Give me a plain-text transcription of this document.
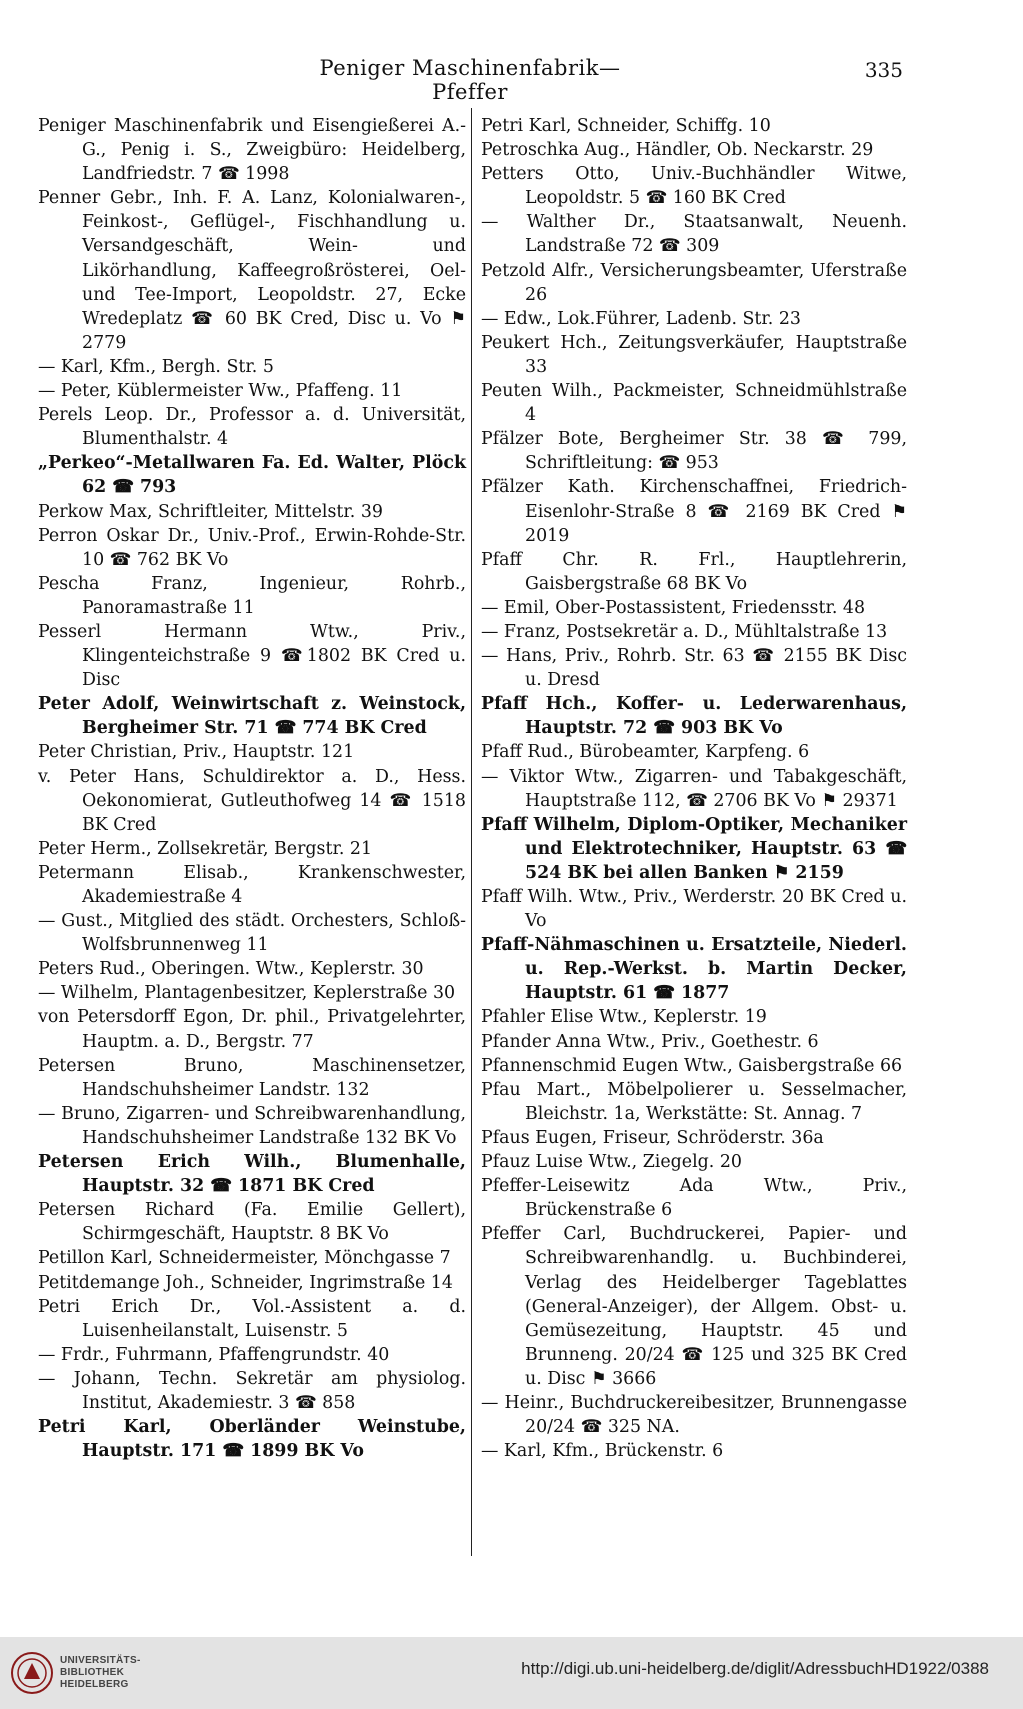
Peniger Maschinenfabrik—Pfeffer
335

Peniger Maschinenfabrik und Eisengießerei A.-G., Penig i. S., Zweigbüro: Heidelberg, Landfriedstr. 7 ☎ 1998

Penner Gebr., Inh. F. A. Lanz, Kolonialwaren-, Feinkost-, Geflügel-, Fischhandlung u. Versandgeschäft, Wein- und Likörhandlung, Kaffeegroßrösterei, Oel- und Tee-Import, Leopoldstr. 27, Ecke Wredeplatz ☎ 60 BK Cred, Disc u. Vo ⚑ 2779

— Karl, Kfm., Bergh. Str. 5

— Peter, Küblermeister Ww., Pfaffeng. 11

Perels Leop. Dr., Professor a. d. Universität, Blumenthalstr. 4

„Perkeo“-Metallwaren Fa. Ed. Walter, Plöck 62 ☎ 793

Perkow Max, Schriftleiter, Mittelstr. 39

Perron Oskar Dr., Univ.-Prof., Erwin-Rohde-Str. 10 ☎ 762 BK Vo

Pescha Franz, Ingenieur, Rohrb., Panoramastraße 11

Pesserl Hermann Wtw., Priv., Klingenteichstraße 9 ☎1802 BK Cred u. Disc

Peter Adolf, Weinwirtschaft z. Weinstock, Bergheimer Str. 71 ☎ 774 BK Cred

Peter Christian, Priv., Hauptstr. 121

v. Peter Hans, Schuldirektor a. D., Hess. Oekonomierat, Gutleuthofweg 14 ☎ 1518 BK Cred

Peter Herm., Zollsekretär, Bergstr. 21

Petermann Elisab., Krankenschwester, Akademiestraße 4

— Gust., Mitglied des städt. Orchesters, Schloß-Wolfsbrunnenweg 11

Peters Rud., Oberingen. Wtw., Keplerstr. 30

— Wilhelm, Plantagenbesitzer, Keplerstraße 30

von Petersdorff Egon, Dr. phil., Privatgelehrter, Hauptm. a. D., Bergstr. 77

Petersen Bruno, Maschinensetzer, Handschuhsheimer Landstr. 132

— Bruno, Zigarren- und Schreibwarenhandlung, Handschuhsheimer Landstraße 132 BK Vo

Petersen Erich Wilh., Blumenhalle, Hauptstr. 32 ☎ 1871 BK Cred

Petersen Richard (Fa. Emilie Gellert), Schirmgeschäft, Hauptstr. 8 BK Vo

Petillon Karl, Schneidermeister, Mönchgasse 7

Petitdemange Joh., Schneider, Ingrimstraße 14

Petri Erich Dr., Vol.-Assistent a. d. Luisenheilanstalt, Luisenstr. 5

— Frdr., Fuhrmann, Pfaffengrundstr. 40

— Johann, Techn. Sekretär am physiolog. Institut, Akademiestr. 3 ☎ 858

Petri Karl, Oberländer Weinstube, Hauptstr. 171 ☎ 1899 BK Vo

Petri Karl, Schneider, Schiffg. 10

Petroschka Aug., Händler, Ob. Neckarstr. 29

Petters Otto, Univ.-Buchhändler Witwe, Leopoldstr. 5 ☎ 160 BK Cred

— Walther Dr., Staatsanwalt, Neuenh. Landstraße 72 ☎ 309

Petzold Alfr., Versicherungsbeamter, Uferstraße 26

— Edw., Lok.Führer, Ladenb. Str. 23

Peukert Hch., Zeitungsverkäufer, Hauptstraße 33

Peuten Wilh., Packmeister, Schneidmühlstraße 4

Pfälzer Bote, Bergheimer Str. 38 ☎ 799, Schriftleitung: ☎ 953

Pfälzer Kath. Kirchenschaffnei, Friedrich-Eisenlohr-Straße 8 ☎ 2169 BK Cred ⚑ 2019

Pfaff Chr. R. Frl., Hauptlehrerin, Gaisbergstraße 68 BK Vo

— Emil, Ober-Postassistent, Friedensstr. 48

— Franz, Postsekretär a. D., Mühltalstraße 13

— Hans, Priv., Rohrb. Str. 63 ☎ 2155 BK Disc u. Dresd

Pfaff Hch., Koffer- u. Lederwarenhaus, Hauptstr. 72 ☎ 903 BK Vo

Pfaff Rud., Bürobeamter, Karpfeng. 6

— Viktor Wtw., Zigarren- und Tabakgeschäft, Hauptstraße 112, ☎ 2706 BK Vo ⚑ 29371

Pfaff Wilhelm, Diplom-Optiker, Mechaniker und Elektrotechniker, Hauptstr. 63 ☎ 524 BK bei allen Banken ⚑ 2159

Pfaff Wilh. Wtw., Priv., Werderstr. 20 BK Cred u. Vo

Pfaff-Nähmaschinen u. Ersatzteile, Niederl. u. Rep.-Werkst. b. Martin Decker, Hauptstr. 61 ☎ 1877

Pfahler Elise Wtw., Keplerstr. 19

Pfander Anna Wtw., Priv., Goethestr. 6

Pfannenschmid Eugen Wtw., Gaisbergstraße 66

Pfau Mart., Möbelpolierer u. Sesselmacher, Bleichstr. 1a, Werkstätte: St. Annag. 7

Pfaus Eugen, Friseur, Schröderstr. 36a

Pfauz Luise Wtw., Ziegelg. 20

Pfeffer-Leisewitz Ada Wtw., Priv., Brückenstraße 6

Pfeffer Carl, Buchdruckerei, Papier- und Schreibwarenhandlg. u. Buchbinderei, Verlag des Heidelberger Tageblattes (General-Anzeiger), der Allgem. Obst- u. Gemüsezeitung, Hauptstr. 45 und Brunneng. 20/24 ☎ 125 und 325 BK Cred u. Disc ⚑ 3666

— Heinr., Buchdruckereibesitzer, Brunnengasse 20/24 ☎ 325 NA.

— Karl, Kfm., Brückenstr. 6

UNIVERSITÄTS-
BIBLIOTHEK
HEIDELBERG
http://digi.ub.uni-heidelberg.de/diglit/AdressbuchHD1922/0388
